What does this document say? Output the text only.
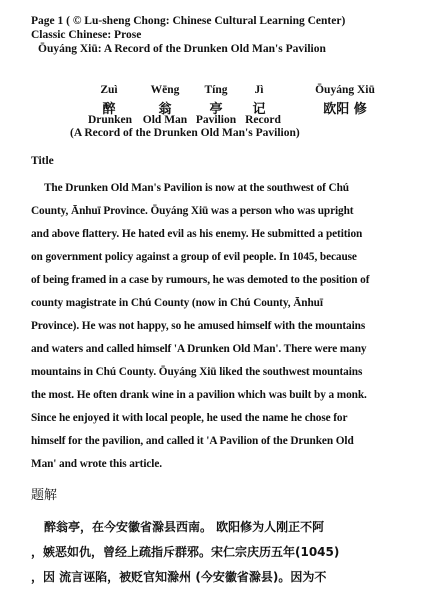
Page 1 ( © Lu-sheng Chong: Chinese Cultural Learning Center)
Classic Chinese: Prose
Ōuyáng Xiū: A Record of the Drunken Old Man's Pavilion
Zuì
醉
Drunken
Wēng
翁
Old Man
Tíng
亭
Pavilion
Jì
记
Record
Ōuyáng Xiū
欧阳 修
(A Record of the Drunken Old Man's Pavilion)
Title
The Drunken Old Man's Pavilion is now at the southwest of Chú
County, Ānhuī Province. Ōuyáng Xiū was a person who was upright
and above flattery. He hated evil as his enemy. He submitted a petition
on government policy against a group of evil people. In 1045, because
of being framed in a case by rumours, he was demoted to the position of
county magistrate in Chú County (now in Chú County, Ānhuī
Province). He was not happy, so he amused himself with the mountains
and waters and called himself 'A Drunken Old Man'. There were many
mountains in Chú County. Ōuyáng Xiū liked the southwest mountains
the most. He often drank wine in a pavilion which was built by a monk.
Since he enjoyed it with local people, he used the name he chose for
himself for the pavilion, and called it 'A Pavilion of the Drunken Old
Man' and wrote this article.
题解
醉翁亭，在今安徽省滁县西南。 欧阳修为人刚正不阿
，嫉恶如仇，曾经上疏指斥群邪。宋仁宗庆历五年(1045)
，因 流言诬陷，被贬官知滁州 (今安徽省滁县)。因为不
